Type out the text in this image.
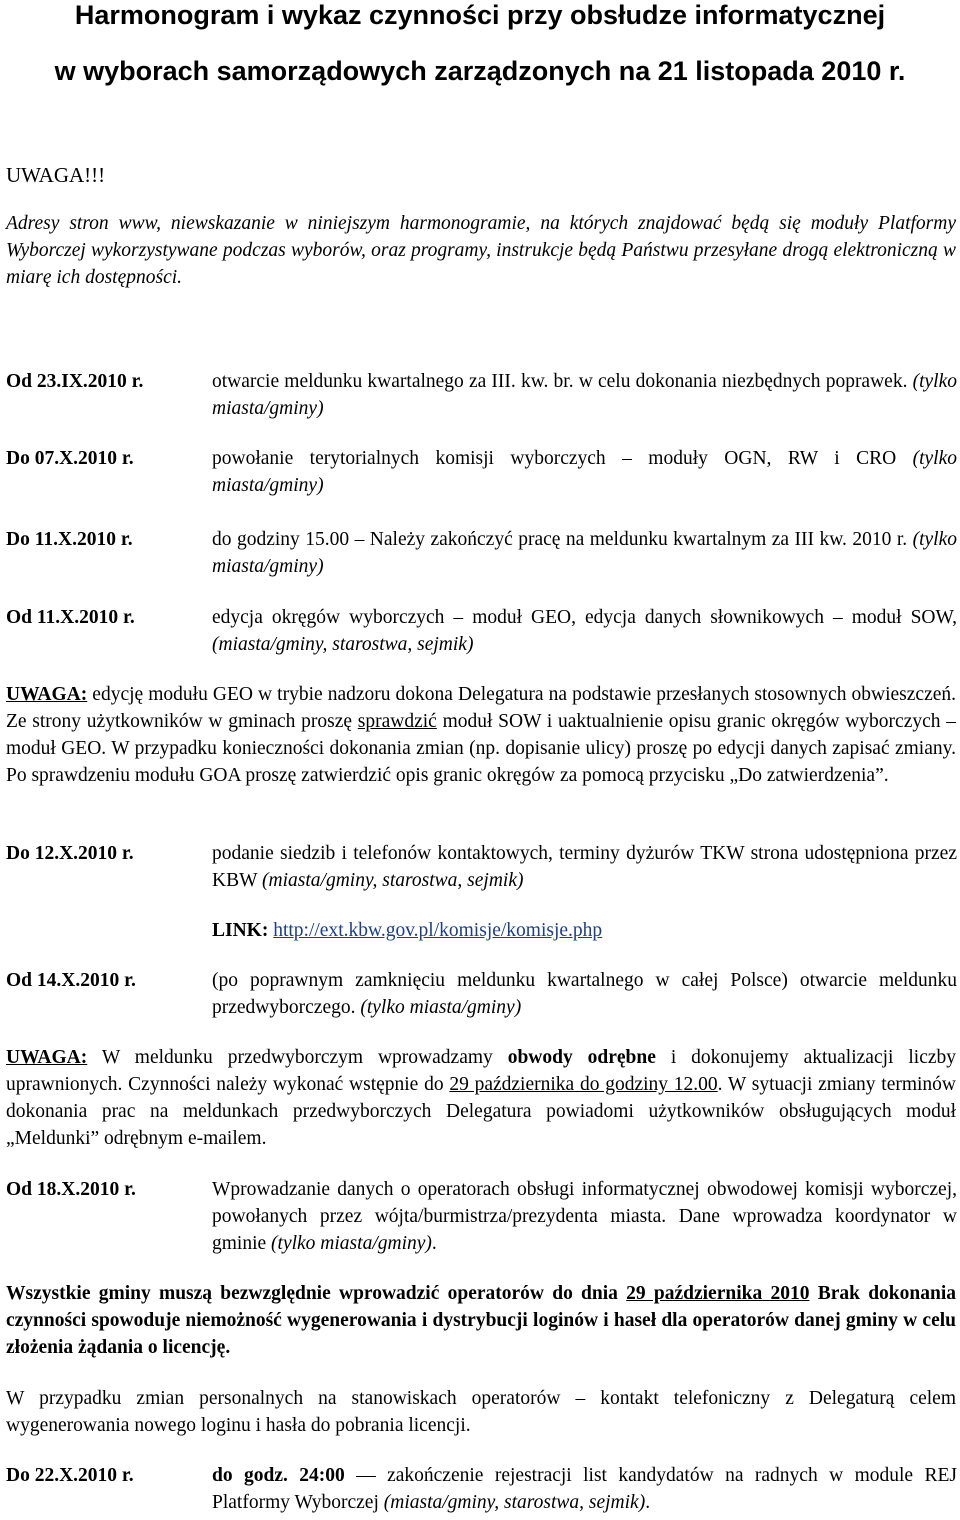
Harmonogram i wykaz czynności przy obsłudze informatycznej
w wyborach samorządowych zarządzonych na 21 listopada 2010 r.
UWAGA!!!
Adresy stron www, niewskazanie w niniejszym harmonogramie, na których znajdować będą się moduły Platformy Wyborczej wykorzystywane podczas wyborów, oraz programy, instrukcje będą Państwu przesyłane drogą elektroniczną w miarę ich dostępności.
Od 23.IX.2010 r.	otwarcie meldunku kwartalnego za III. kw. br. w celu dokonania niezbędnych poprawek. (tylko miasta/gminy)
Do 07.X.2010 r.	powołanie terytorialnych komisji wyborczych – moduły OGN, RW i CRO (tylko miasta/gminy)
Do 11.X.2010 r.	do godziny 15.00 – Należy zakończyć pracę na meldunku kwartalnym za III kw. 2010 r. (tylko miasta/gminy)
Od 11.X.2010 r.	edycja okręgów wyborczych – moduł GEO, edycja danych słownikowych – moduł SOW, (miasta/gminy, starostwa, sejmik)
UWAGA: edycję modułu GEO w trybie nadzoru dokona Delegatura na podstawie przesłanych stosownych obwieszczeń. Ze strony użytkowników w gminach proszę sprawdzić moduł SOW i uaktualnienie opisu granic okręgów wyborczych – moduł GEO. W przypadku konieczności dokonania zmian (np. dopisanie ulicy) proszę po edycji danych zapisać zmiany. Po sprawdzeniu modułu GOA proszę zatwierdzić opis granic okręgów za pomocą przycisku „Do zatwierdzenia”.
Do 12.X.2010 r.	podanie siedzib i telefonów kontaktowych, terminy dyżurów TKW strona udostępniona przez KBW (miasta/gminy, starostwa, sejmik)
LINK: http://ext.kbw.gov.pl/komisje/komisje.php
Od 14.X.2010 r.	(po poprawnym zamknięciu meldunku kwartalnego w całej Polsce) otwarcie meldunku przedwyborczego. (tylko miasta/gminy)
UWAGA: W meldunku przedwyborczym wprowadzamy obwody odrębne i dokonujemy aktualizacji liczby uprawnionych. Czynności należy wykonać wstępnie do 29 października do godziny 12.00. W sytuacji zmiany terminów dokonania prac na meldunkach przedwyborczych Delegatura powiadomi użytkowników obsługujących moduł „Meldunki” odrębnym e-mailem.
Od 18.X.2010 r.	Wprowadzanie danych o operatorach obsługi informatycznej obwodowej komisji wyborczej, powołanych przez wójta/burmistrza/prezydenta miasta. Dane wprowadza koordynator w gminie (tylko miasta/gminy).
Wszystkie gminy muszą bezwzględnie wprowadzić operatorów do dnia 29 października 2010 Brak dokonania czynności spowoduje niemożność wygenerowania i dystrybucji loginów i haseł dla operatorów danej gminy w celu złożenia żądania o licencję.
W przypadku zmian personalnych na stanowiskach operatorów – kontakt telefoniczny z Delegaturą celem wygenerowania nowego loginu i hasła do pobrania licencji.
Do 22.X.2010 r.	do godz. 24:00 –– zakończenie rejestracji list kandydatów na radnych w module REJ Platformy Wyborczej (miasta/gminy, starostwa, sejmik).
